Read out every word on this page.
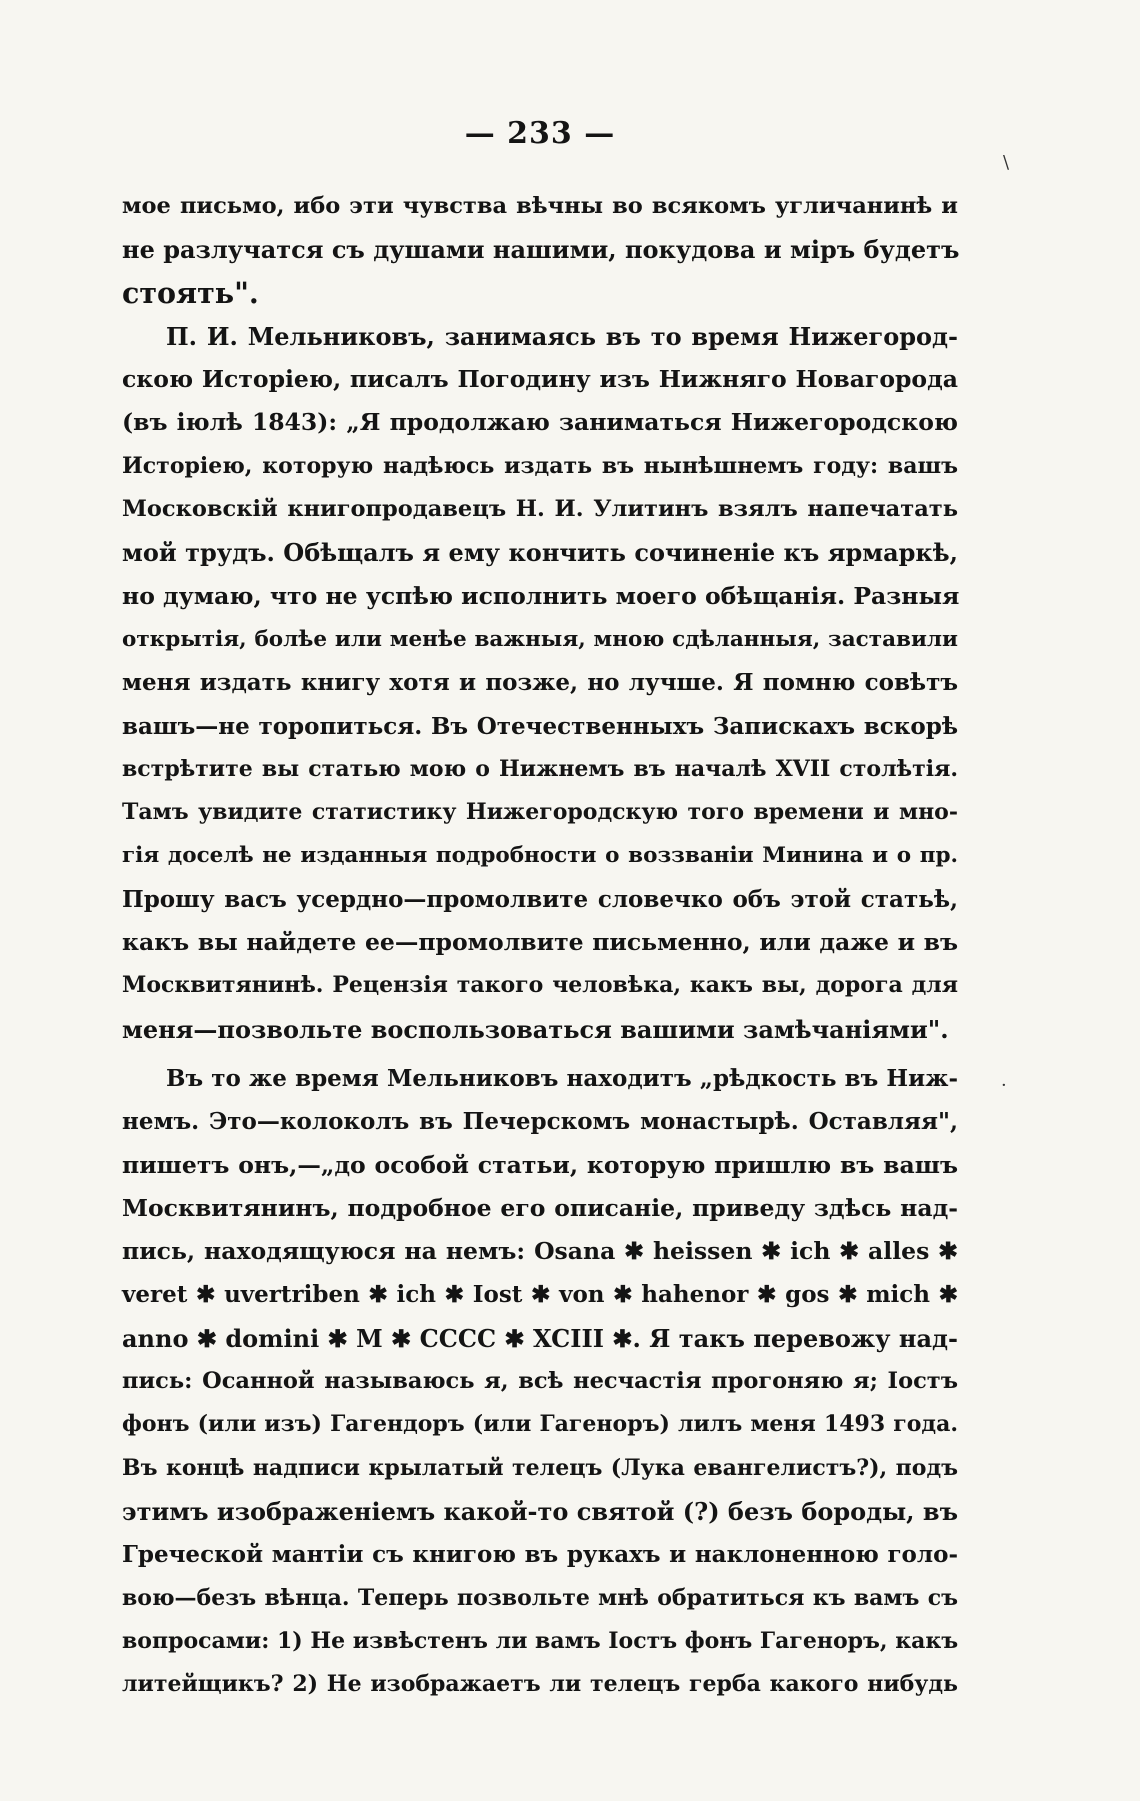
\
·
— 233 —
мое письмо, ибо эти чувства вѣчны во всякомъ угличанинѣ и
не разлучатся съ душами нашими, покудова и міръ будетъ
стоять".
П. И. Мельниковъ, занимаясь въ то время Нижегород-
скою Исторіею, писалъ Погодину изъ Нижняго Новагорода
(въ іюлѣ 1843): „Я продолжаю заниматься Нижегородскою
Исторіею, которую надѣюсь издать въ нынѣшнемъ году: вашъ
Московскій книгопродавецъ Н. И. Улитинъ взялъ напечатать
мой трудъ. Обѣщалъ я ему кончить сочиненіе къ ярмаркѣ,
но думаю, что не успѣю исполнить моего обѣщанія. Разныя
открытія, болѣе или менѣе важныя, мною сдѣланныя, заставили
меня издать книгу хотя и позже, но лучше. Я помню совѣтъ
вашъ—не торопиться. Въ Отечественныхъ Запискахъ вскорѣ
встрѣтите вы статью мою о Нижнемъ въ началѣ XVII столѣтія.
Тамъ увидите статистику Нижегородскую того времени и мно-
гія доселѣ не изданныя подробности о воззваніи Минина и о пр.
Прошу васъ усердно—промолвите словечко объ этой статьѣ,
какъ вы найдете ее—промолвите письменно, или даже и въ
Москвитянинѣ. Рецензія такого человѣка, какъ вы, дорога для
меня—позвольте воспользоваться вашими замѣчаніями".
Въ то же время Мельниковъ находитъ „рѣдкость въ Ниж-
немъ. Это—колоколъ въ Печерскомъ монастырѣ. Оставляя",
пишетъ онъ,—„до особой статьи, которую пришлю въ вашъ
Москвитянинъ, подробное его описаніе, приведу здѣсь над-
пись, находящуюся на немъ: Osana ✱ heissen ✱ ich ✱ alles ✱
veret ✱ uvertriben ✱ ich ✱ Iost ✱ von ✱ hahenor ✱ gos ✱ mich ✱
anno ✱ domini ✱ M ✱ CCCC ✱ XCIII ✱. Я такъ перевожу над-
пись: Осанной называюсь я, всѣ несчастія прогоняю я; Іостъ
фонъ (или изъ) Гагендоръ (или Гагеноръ) лилъ меня 1493 года.
Въ концѣ надписи крылатый телецъ (Лука евангелистъ?), подъ
этимъ изображеніемъ какой-то святой (?) безъ бороды, въ
Греческой мантіи съ книгою въ рукахъ и наклоненною голо-
вою—безъ вѣнца. Теперь позвольте мнѣ обратиться къ вамъ съ
вопросами: 1) Не извѣстенъ ли вамъ Іостъ фонъ Гагеноръ, какъ
литейщикъ? 2) Не изображаетъ ли телецъ герба какого нибудь
